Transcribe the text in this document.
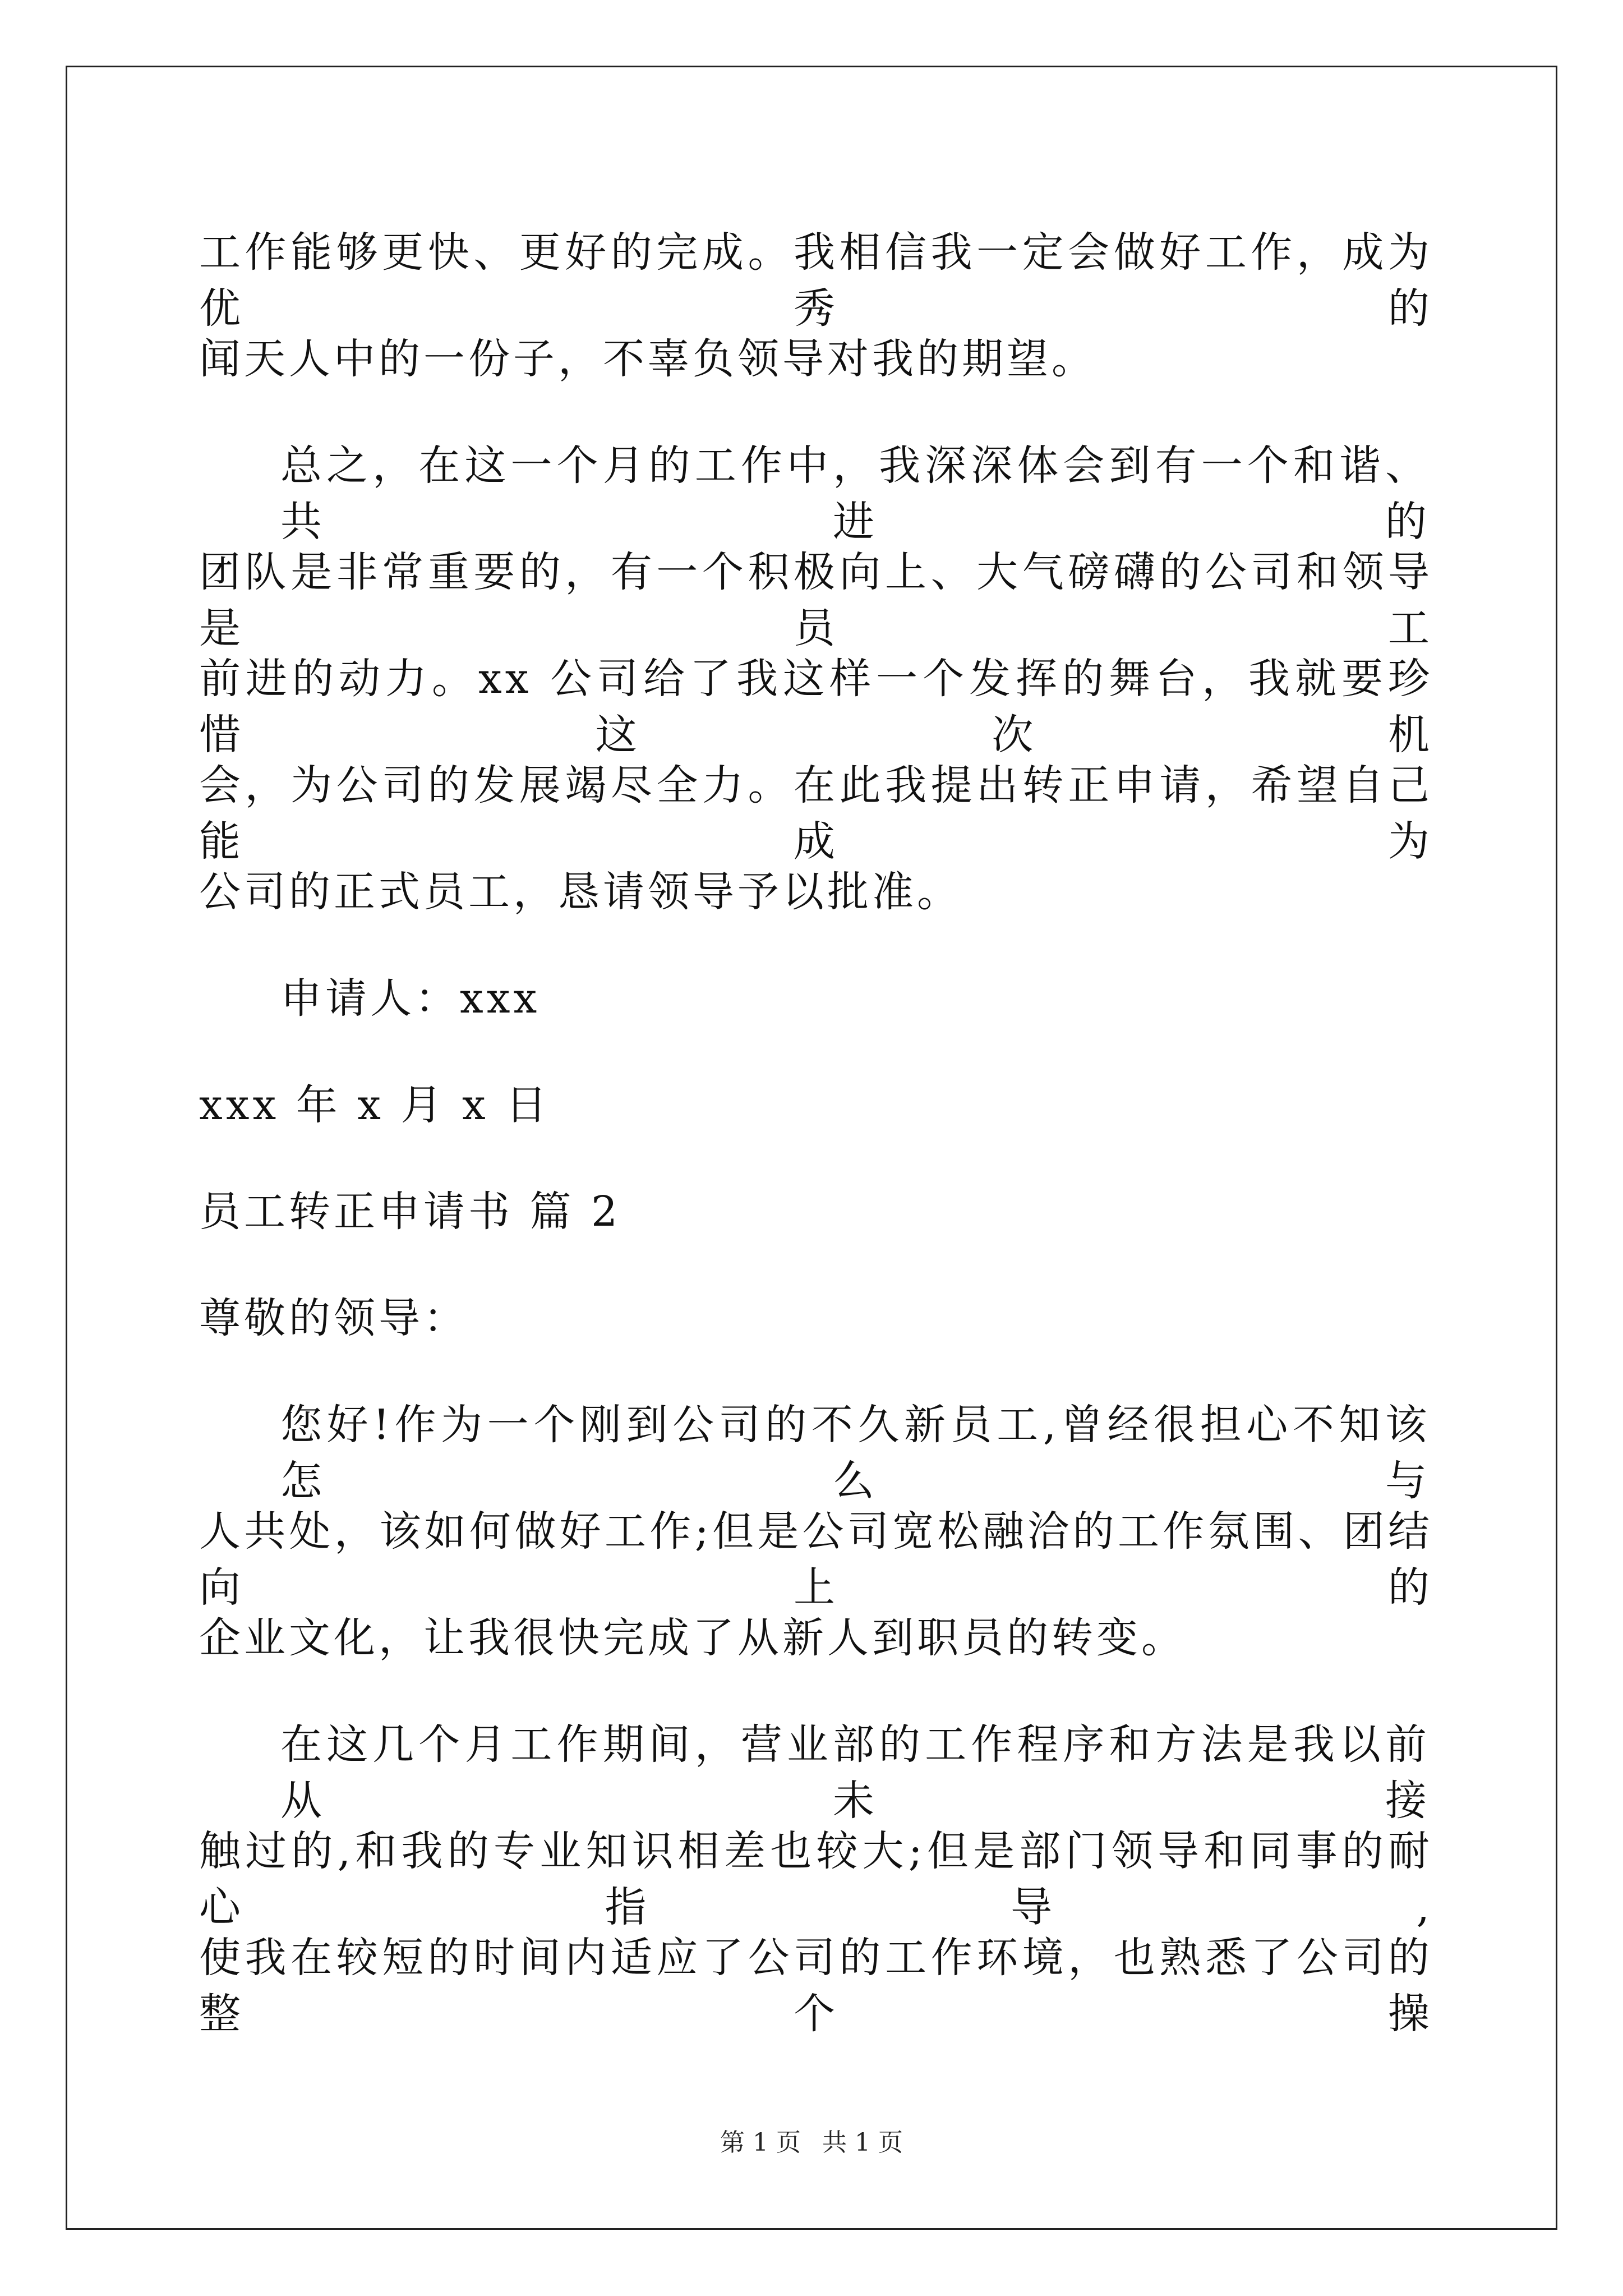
工作能够更快、更好的完成。我相信我一定会做好工作，成为优秀的
闻天人中的一份子，不辜负领导对我的期望。
总之，在这一个月的工作中，我深深体会到有一个和谐、共进的
团队是非常重要的，有一个积极向上、大气磅礴的公司和领导是员工
前进的动力。xx 公司给了我这样一个发挥的舞台，我就要珍惜这次机
会，为公司的发展竭尽全力。在此我提出转正申请，希望自己能成为
公司的正式员工，恳请领导予以批准。
申请人：xxx
xxx 年 x 月 x 日
员工转正申请书 篇 2
尊敬的领导：
您好!作为一个刚到公司的不久新员工,曾经很担心不知该怎么与
人共处，该如何做好工作;但是公司宽松融洽的工作氛围、团结向上的
企业文化，让我很快完成了从新人到职员的转变。
在这几个月工作期间，营业部的工作程序和方法是我以前从未接
触过的,和我的专业知识相差也较大;但是部门领导和同事的耐心指导,
使我在较短的时间内适应了公司的工作环境，也熟悉了公司的整个操
第 1 页 共 1 页
